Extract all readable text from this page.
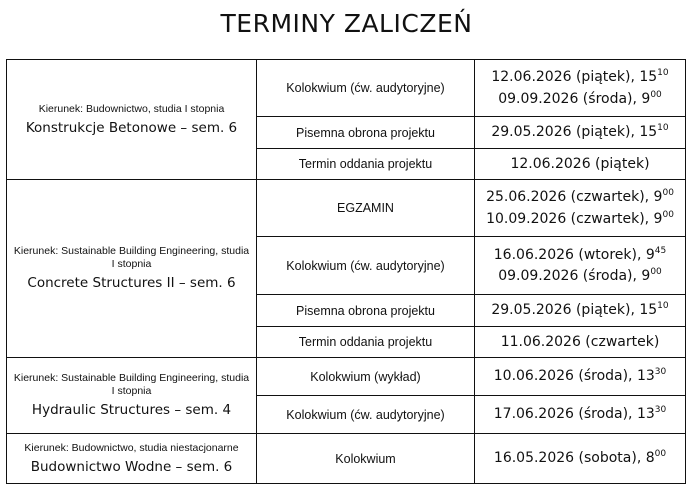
TERMINY ZALICZEŃ
Kierunek: Budownictwo, studia I stopnia
Konstrukcje Betonowe – sem. 6	Kolokwium (ćw. audytoryjne)	12.06.2026 (piątek), $15^{10}$
09.09.2026 (środa), $9^{00}$

	Pisemna obrona projektu	29.05.2026 (piątek), $15^{10}$

	Termin oddania projektu	12.06.2026 (piątek)

Kierunek: Sustainable Building Engineering, studia I stopnia
Concrete Structures II – sem. 6	EGZAMIN	25.06.2026 (czwartek), $9^{00}$
10.09.2026 (czwartek), $9^{00}$

	Kolokwium (ćw. audytoryjne)	16.06.2026 (wtorek), $9^{45}$
09.09.2026 (środa), $9^{00}$

	Pisemna obrona projektu	29.05.2026 (piątek), $15^{10}$

	Termin oddania projektu	11.06.2026 (czwartek)

Kierunek: Sustainable Building Engineering, studia I stopnia
Hydraulic Structures – sem. 4	Kolokwium (wykład)	10.06.2026 (środa), $13^{30}$

	Kolokwium (ćw. audytoryjne)	17.06.2026 (środa), $13^{30}$

Kierunek: Budownictwo, studia niestacjonarne
Budownictwo Wodne – sem. 6	Kolokwium	16.05.2026 (sobota), $8^{00}$
